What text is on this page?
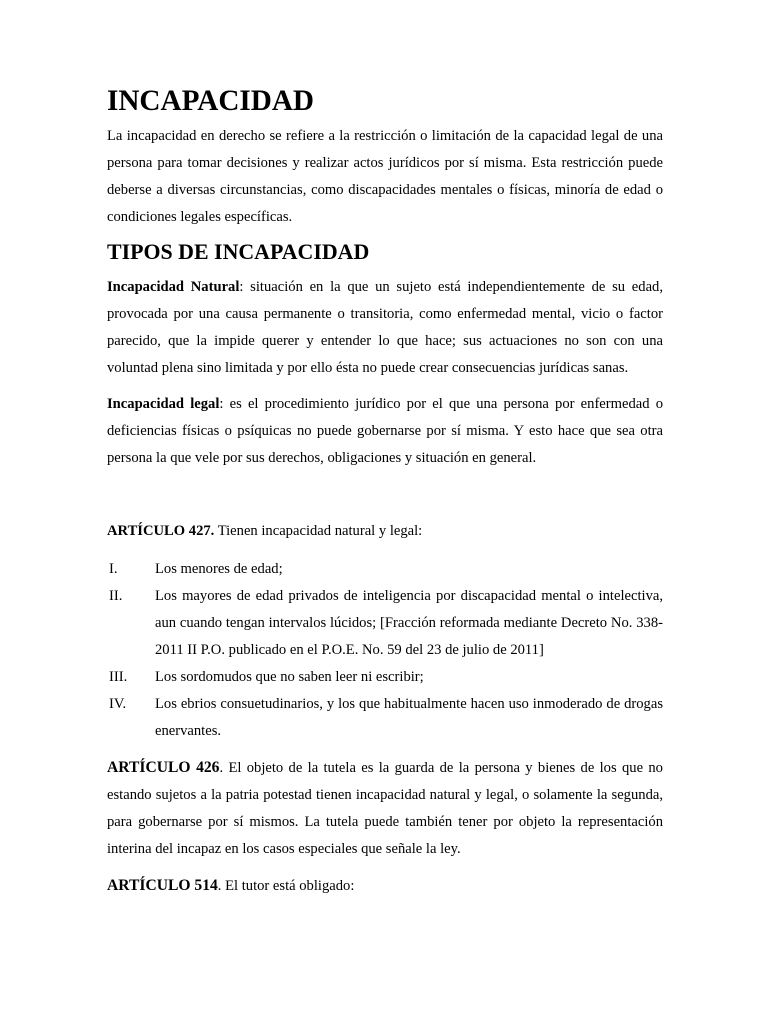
INCAPACIDAD

La incapacidad en derecho se refiere a la restricción o limitación de la capacidad legal de una persona para tomar decisiones y realizar actos jurídicos por sí misma. Esta restricción puede deberse a diversas circunstancias, como discapacidades mentales o físicas, minoría de edad o condiciones legales específicas.

TIPOS DE INCAPACIDAD

Incapacidad Natural: situación en la que un sujeto está independientemente de su edad, provocada por una causa permanente o transitoria, como enfermedad mental, vicio o factor parecido, que la impide querer y entender lo que hace; sus actuaciones no son con una voluntad plena sino limitada y por ello ésta no puede crear consecuencias jurídicas sanas.

Incapacidad legal: es el procedimiento jurídico por el que una persona por enfermedad o deficiencias físicas o psíquicas no puede gobernarse por sí misma. Y esto hace que sea otra persona la que vele por sus derechos, obligaciones y situación en general.

ARTÍCULO 427. Tienen incapacidad natural y legal:

I.	Los menores de edad;
II.	Los mayores de edad privados de inteligencia por discapacidad mental o intelectiva, aun cuando tengan intervalos lúcidos; [Fracción reformada mediante Decreto No. 338-2011 II P.O. publicado en el P.O.E. No. 59 del 23 de julio de 2011]
III.	Los sordomudos que no saben leer ni escribir;
IV.	Los ebrios consuetudinarios, y los que habitualmente hacen uso inmoderado de drogas enervantes.

ARTÍCULO 426. El objeto de la tutela es la guarda de la persona y bienes de los que no estando sujetos a la patria potestad tienen incapacidad natural y legal, o solamente la segunda, para gobernarse por sí mismos. La tutela puede también tener por objeto la representación interina del incapaz en los casos especiales que señale la ley.

ARTÍCULO 514. El tutor está obligado:
